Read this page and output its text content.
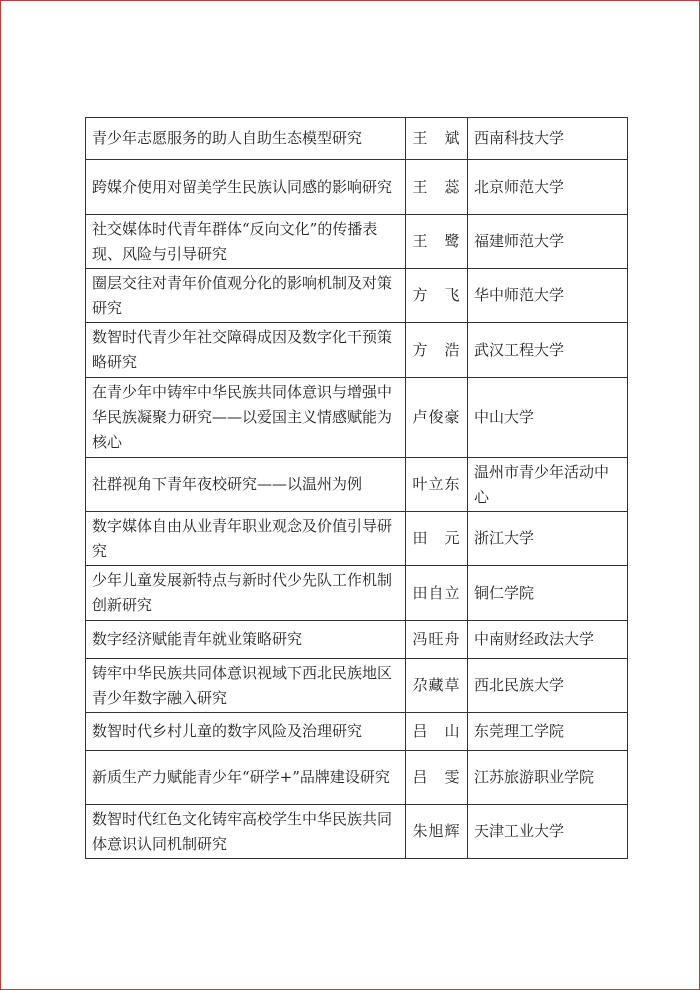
青少年志愿服务的助人自助生态模型研究	王　斌	西南科技大学
跨媒介使用对留美学生民族认同感的影响研究	王　蕊	北京师范大学
社交媒体时代青年群体“反向文化”的传播表现、风险与引导研究	王　鹭	福建师范大学
圈层交往对青年价值观分化的影响机制及对策研究	方　飞	华中师范大学
数智时代青少年社交障碍成因及数字化干预策略研究	方　浩	武汉工程大学
在青少年中铸牢中华民族共同体意识与增强中华民族凝聚力研究——以爱国主义情感赋能为核心	卢俊豪	中山大学
社群视角下青年夜校研究——以温州为例	叶立东	温州市青少年活动中心
数字媒体自由从业青年职业观念及价值引导研究	田　元	浙江大学
少年儿童发展新特点与新时代少先队工作机制创新研究	田自立	铜仁学院
数字经济赋能青年就业策略研究	冯旺舟	中南财经政法大学
铸牢中华民族共同体意识视域下西北民族地区青少年数字融入研究	尕藏草	西北民族大学
数智时代乡村儿童的数字风险及治理研究	吕　山	东莞理工学院
新质生产力赋能青少年“研学+”品牌建设研究	吕　雯	江苏旅游职业学院
数智时代红色文化铸牢高校学生中华民族共同体意识认同机制研究	朱旭辉	天津工业大学
